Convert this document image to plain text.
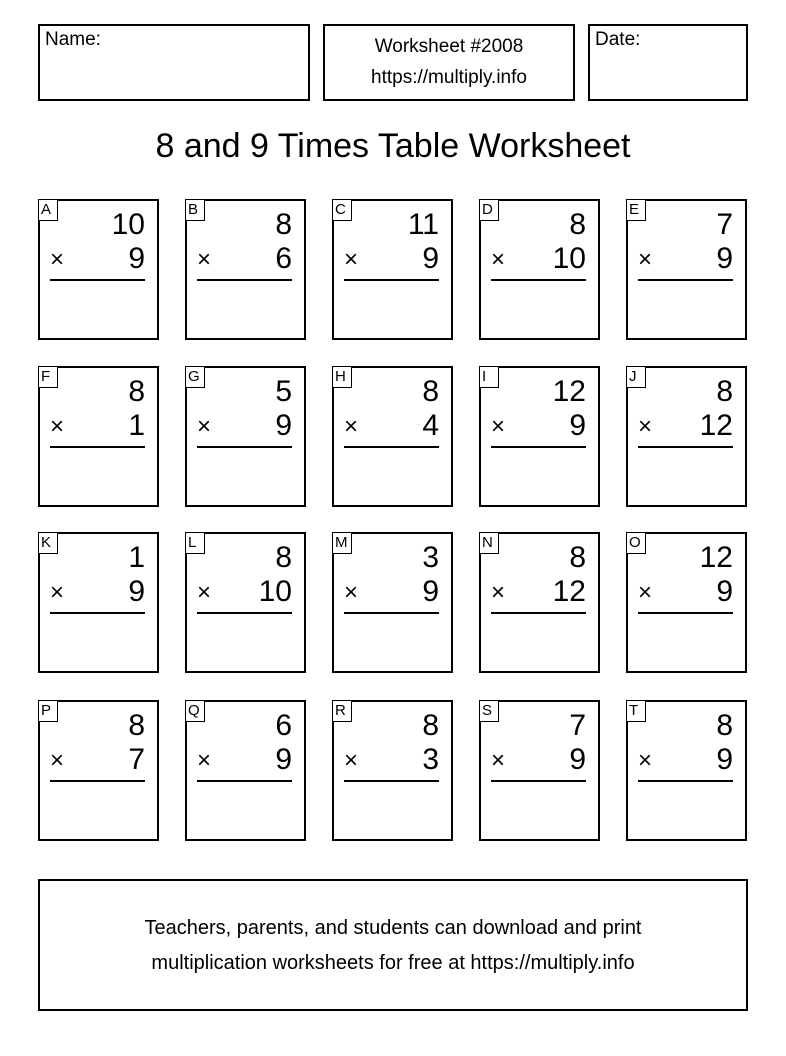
Name:	Worksheet #2008
https://multiply.info
Date:
8 and 9 Times Table Worksheet
A 10
× 9
B	8
× 6
C 11
× 9
D	8
× 10
E	7
× 9
F	8
× 1
G	5
× 9
H	8
× 4
I	12
× 9
J	8
× 12
K	1
× 9
L	8
× 10
M 3
× 9
N	8
× 12
O 12
× 9
P	8
× 7
Q	6
× 9
R	8
× 3
S	7
× 9
T	8
× 9
Teachers, parents, and students can download and print
multiplication worksheets for free at https://multiply.info
